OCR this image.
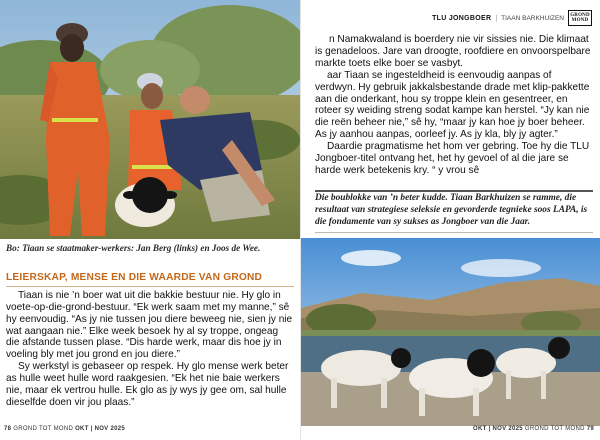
Bo: Tiaan se staatmaker-werkers: Jan Berg (links) en Joos de Wee.
LEIERSKAP, MENSE EN DIE WAARDE VAN GROND

Tiaan is nie ’n boer wat uit die bakkie bestuur nie. Hy glo in voete-op-die-grond-bestuur. “Ek werk saam met my manne,” sê hy eenvoudig. “As jy nie tussen jou diere beweeg nie, sien jy nie wat aangaan nie.” Elke week besoek hy al sy troppe, ongeag die afstande tussen plase. “Dis harde werk, maar dis hoe jy in voeling bly met jou grond en jou diere.”

Sy werkstyl is gebaseer op respek. Hy glo mense werk beter as hulle weet hulle word raakgesien. “Ek het nie baie werkers nie, maar ek vertrou hulle. Ek glo as jy wys jy gee om, sal hulle dieselfde doen vir jou plaas.”

78 GROND TOT MOND OKT | NOV 2025
TLU JONGBOER | TIAAN BARKHUIZEN GROND
MOND

n Namakwaland is boerdery nie vir sissies nie. Die klimaat is genadeloos. Jare van droogte, roofdiere en onvoorspelbare markte toets elke boer se vasbyt.

aar Tiaan se ingesteldheid is eenvoudig aanpas of verdwyn. Hy gebruik jakkalsbestande drade met klip-pakkette aan die onderkant, hou sy troppe klein en gesentreer, en roteer sy weiding streng sodat kampe kan herstel. “Jy kan nie die reën beheer nie,” sê hy, “maar jy kan hoe jy boer beheer. As jy aanhou aanpas, oorleef jy. As jy kla, bly jy agter.”

Daardie pragmatisme het hom ver gebring. Toe hy die TLU Jongboer-titel ontvang het, het hy gevoel of al die jare se harde werk betekenis kry. “ y vrou sê

Die boublokke van ’n beter kudde. Tiaan Barkhuizen se ramme, die resultaat van strategiese seleksie en gevorderde tegnieke soos LAPA, is die fondamente van sy sukses as Jongboer van die Jaar.
OKT | NOV 2025 GROND TOT MOND 79
